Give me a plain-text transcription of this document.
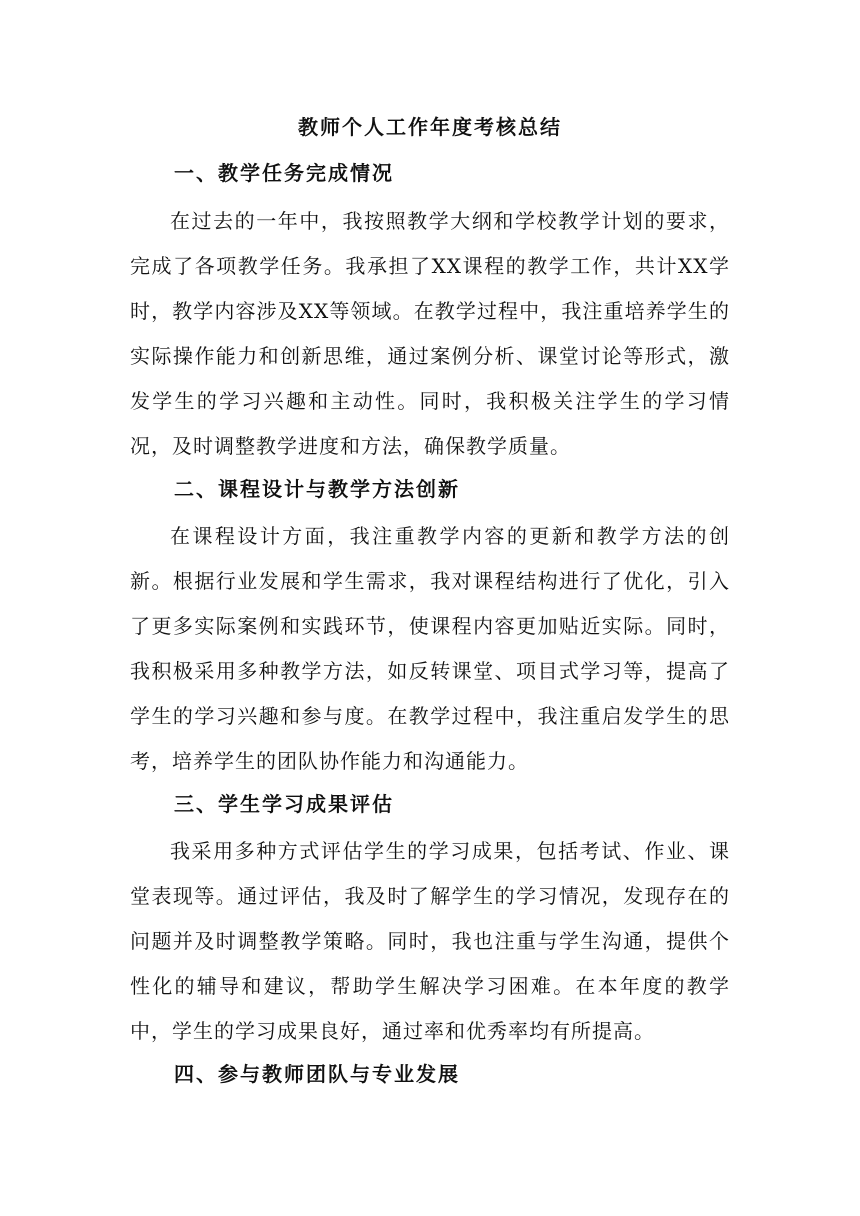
教师个人工作年度考核总结
一、教学任务完成情况
在过去的一年中，我按照教学大纲和学校教学计划的要求，完成了各项教学任务。我承担了XX课程的教学工作，共计XX学时，教学内容涉及XX等领域。在教学过程中，我注重培养学生的实际操作能力和创新思维，通过案例分析、课堂讨论等形式，激发学生的学习兴趣和主动性。同时，我积极关注学生的学习情况，及时调整教学进度和方法，确保教学质量。
二、课程设计与教学方法创新
在课程设计方面，我注重教学内容的更新和教学方法的创新。根据行业发展和学生需求，我对课程结构进行了优化，引入了更多实际案例和实践环节，使课程内容更加贴近实际。同时，我积极采用多种教学方法，如反转课堂、项目式学习等，提高了学生的学习兴趣和参与度。在教学过程中，我注重启发学生的思考，培养学生的团队协作能力和沟通能力。
三、学生学习成果评估
我采用多种方式评估学生的学习成果，包括考试、作业、课堂表现等。通过评估，我及时了解学生的学习情况，发现存在的问题并及时调整教学策略。同时，我也注重与学生沟通，提供个性化的辅导和建议，帮助学生解决学习困难。在本年度的教学中，学生的学习成果良好，通过率和优秀率均有所提高。
四、参与教师团队与专业发展
